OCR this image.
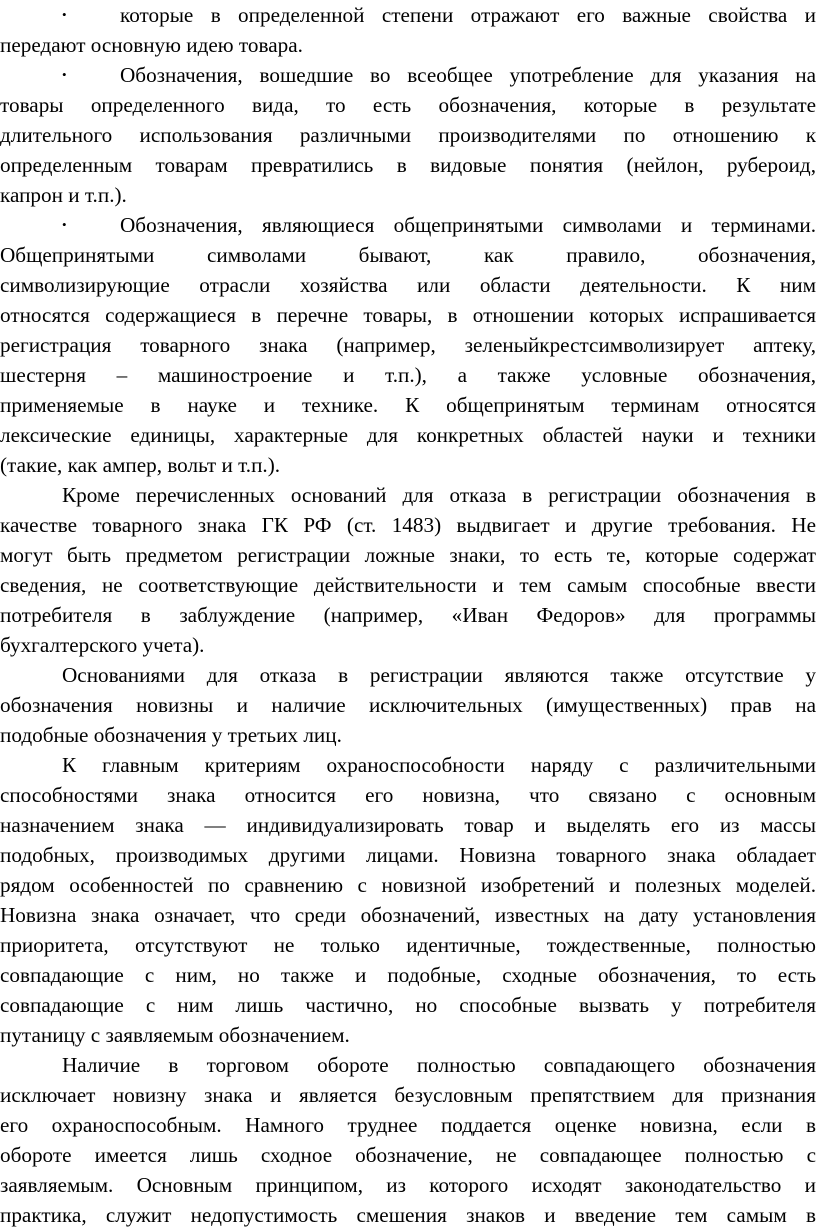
•	которые в определенной степени отражают его важные свойства и
передают основную идею товара.
•	Обозначения, вошедшие во всеобщее употребление для указания на
товары определенного вида, то есть обозначения, которые в результате
длительного использования различными производителями по отношению к
определенным товарам превратились в видовые понятия (нейлон, рубероид,
капрон и т.п.).
•	Обозначения, являющиеся общепринятыми символами и терминами.
Общепринятыми символами бывают, как правило, обозначения,
символизирующие отрасли хозяйства или области деятельности. К ним
относятся содержащиеся в перечне товары, в отношении которых испрашивается
регистрация товарного знака (например, зеленыйкрестсимволизирует аптеку,
шестерня – машиностроение и т.п.), а также условные обозначения,
применяемые в науке и технике. К общепринятым терминам относятся
лексические единицы, характерные для конкретных областей науки и техники
(такие, как ампер, вольт и т.п.).
Кроме перечисленных оснований для отказа в регистрации обозначения в
качестве товарного знака ГК РФ (ст. 1483) выдвигает и другие требования. Не
могут быть предметом регистрации ложные знаки, то есть те, которые содержат
сведения, не соответствующие действительности и тем самым способные ввести
потребителя в заблуждение (например, «Иван Федоров» для программы
бухгалтерского учета).
Основаниями для отказа в регистрации являются также отсутствие у
обозначения новизны и наличие исключительных (имущественных) прав на
подобные обозначения у третьих лиц.
К главным критериям охраноспособности наряду с различительными
способностями знака относится его новизна, что связано с основным
назначением знака — индивидуализировать товар и выделять его из массы
подобных, производимых другими лицами. Новизна товарного знака обладает
рядом особенностей по сравнению с новизной изобретений и полезных моделей.
Новизна знака означает, что среди обозначений, известных на дату установления
приоритета, отсутствуют не только идентичные, тождественные, полностью
совпадающие с ним, но также и подобные, сходные обозначения, то есть
совпадающие с ним лишь частично, но способные вызвать у потребителя
путаницу с заявляемым обозначением.
Наличие в торговом обороте полностью совпадающего обозначения
исключает новизну знака и является безусловным препятствием для признания
его охраноспособным. Намного труднее поддается оценке новизна, если в
обороте имеется лишь сходное обозначение, не совпадающее полностью с
заявляемым. Основным принципом, из которого исходят законодательство и
практика, служит недопустимость смешения знаков и введение тем самым в
